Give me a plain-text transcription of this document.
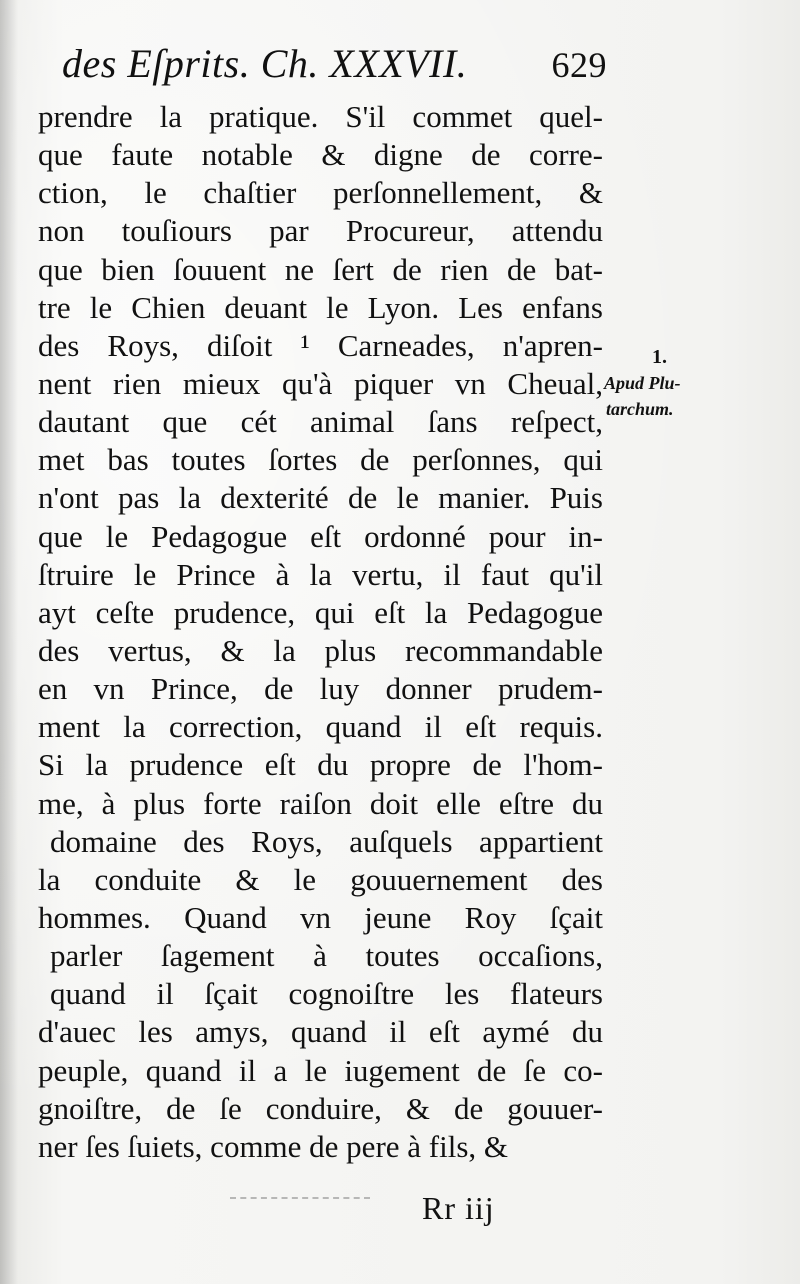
des Eſprits. Ch. XXXVII. 629
prendre la pratique. S'il commet quel-
que faute notable & digne de corre-
ction, le chaſtier perſonnellement, &
non touſiours par Procureur, attendu
que bien ſouuent ne ſert de rien de bat-
tre le Chien deuant le Lyon. Les enfans
des Roys, diſoit ¹ Carneades, n'apren-
nent rien mieux qu'à piquer vn Cheual,
dautant que cét animal ſans reſpect,
met bas toutes ſortes de perſonnes, qui
n'ont pas la dexterité de le manier. Puis
que le Pedagogue eſt ordonné pour in-
ſtruire le Prince à la vertu, il faut qu'il
ayt ceſte prudence, qui eſt la Pedagogue
des vertus, & la plus recommandable
en vn Prince, de luy donner prudem-
ment la correction, quand il eſt requis.
Si la prudence eſt du propre de l'hom-
me, à plus forte raiſon doit elle eſtre du
domaine des Roys, auſquels appartient
la conduite & le gouuernement des
hommes. Quand vn jeune Roy ſçait
parler ſagement à toutes occaſions,
quand il ſçait cognoiſtre les flateurs
d'auec les amys, quand il eſt aymé du
peuple, quand il a le iugement de ſe co-
gnoiſtre, de ſe conduire, & de gouuer-
ner ſes ſuiets, comme de pere à fils, &
1.
Apud Plu-
tarchum.
Rr iij
